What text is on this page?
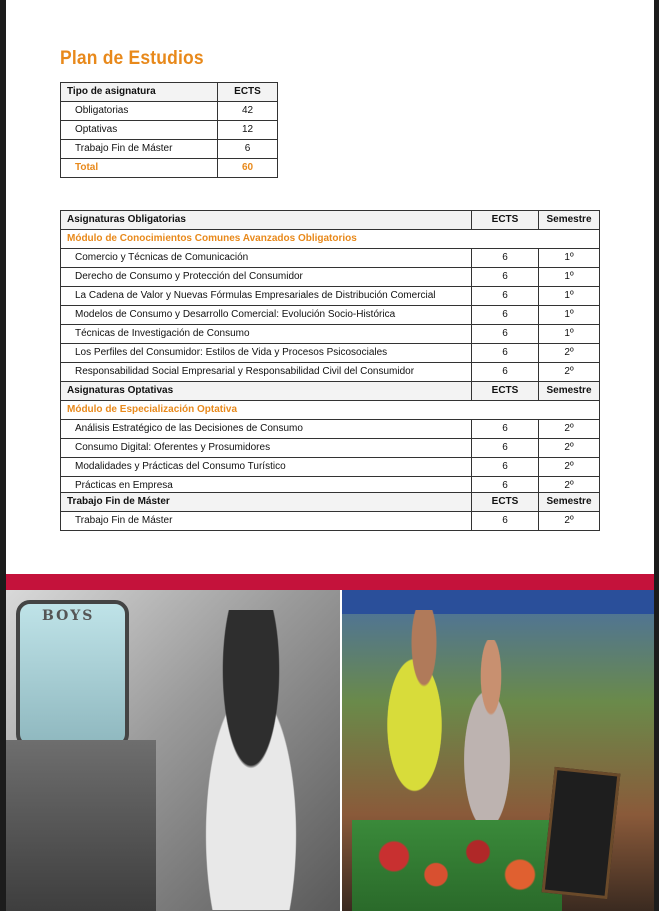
Plan de Estudios
Tipo de asignatura	ECTS
Obligatorias	42
Optativas	12
Trabajo Fin de Máster	6
Total	60
Asignaturas Obligatorias	ECTS	Semestre
Módulo de Conocimientos Comunes Avanzados Obligatorios		
Comercio y Técnicas de Comunicación	6	1º
Derecho de Consumo y Protección del Consumidor	6	1º
La Cadena de Valor y Nuevas Fórmulas Empresariales de Distribución Comercial	6	1º
Modelos de Consumo y Desarrollo Comercial: Evolución Socio-Histórica	6	1º
Técnicas de Investigación de Consumo	6	1º
Los Perfiles del Consumidor: Estilos de Vida y Procesos Psicosociales	6	2º
Responsabilidad Social Empresarial y Responsabilidad Civil del Consumidor	6	2º
Asignaturas Optativas	ECTS	Semestre
Módulo de Especialización Optativa		
Análisis Estratégico de las Decisiones de Consumo	6	2º
Consumo Digital: Oferentes y Prosumidores	6	2º
Modalidades y Prácticas del Consumo Turístico	6	2º
Prácticas en Empresa	6	2º
Trabajo Fin de Máster	ECTS	Semestre
Trabajo Fin de Máster	6	2º
BOYS
